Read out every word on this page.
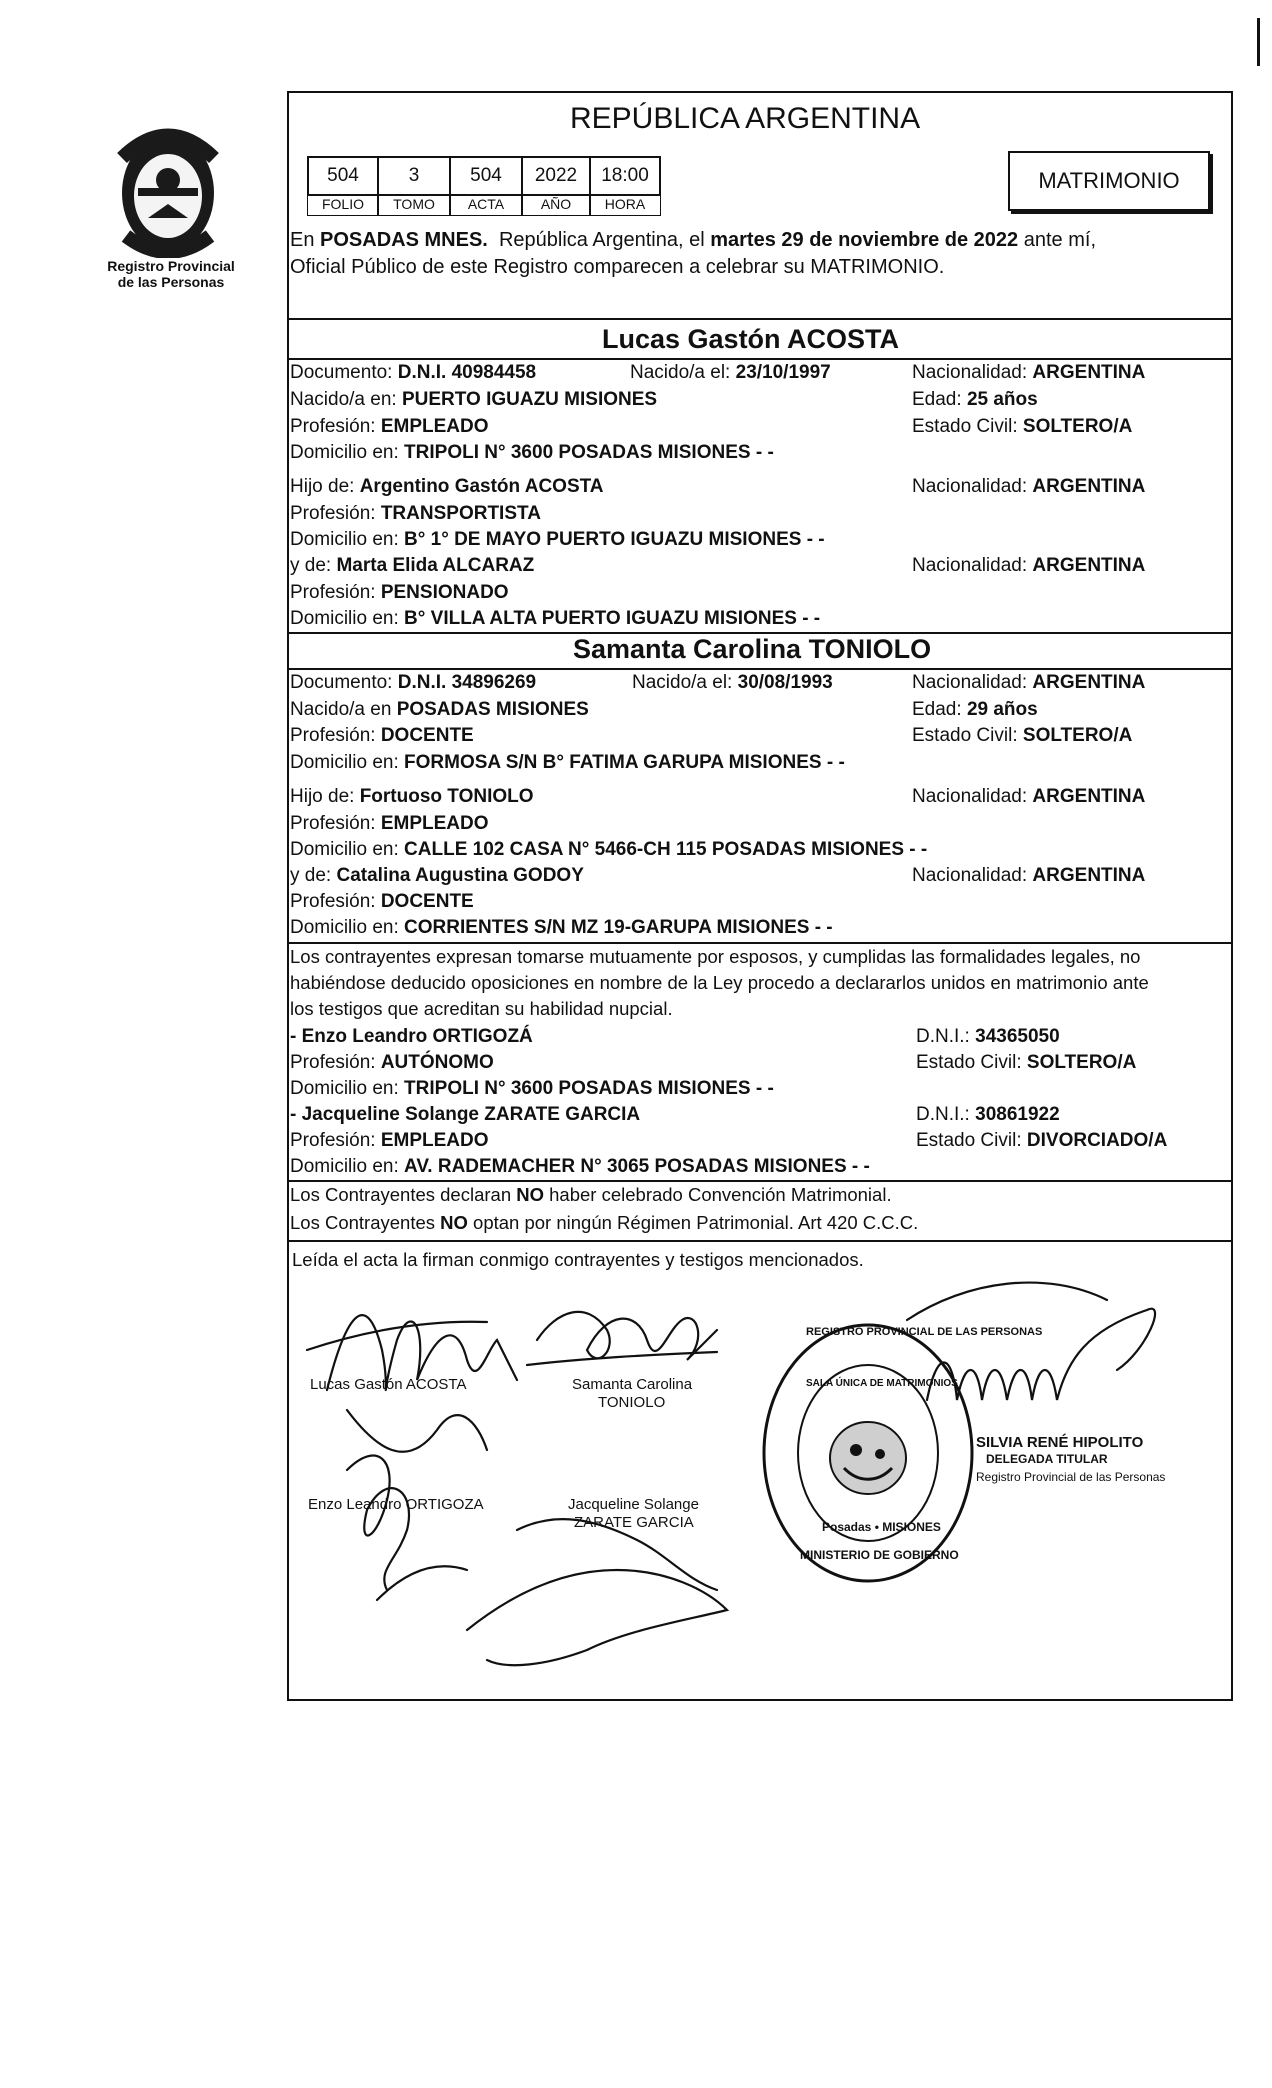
Registro Provincial
de las Personas
REPÚBLICA ARGENTINA
504	3	504	2022	18:00
FOLIO	TOMO	ACTA	AÑO	HORA
MATRIMONIO
En POSADAS MNES. República Argentina, el martes 29 de noviembre de 2022 ante mí,
Oficial Público de este Registro comparecen a celebrar su MATRIMONIO.
Lucas Gastón ACOSTA
Documento: D.N.I. 40984458	Nacido/a el: 23/10/1997	Nacionalidad: ARGENTINA
Nacido/a en: PUERTO IGUAZU MISIONES	Edad: 25 años
Profesión: EMPLEADO	Estado Civil: SOLTERO/A
Domicilio en: TRIPOLI N° 3600 POSADAS MISIONES - -
Hijo de: Argentino Gastón ACOSTA	Nacionalidad: ARGENTINA
Profesión: TRANSPORTISTA
Domicilio en: B° 1° DE MAYO PUERTO IGUAZU MISIONES - -
y de: Marta Elida ALCARAZ	Nacionalidad: ARGENTINA
Profesión: PENSIONADO
Domicilio en: B° VILLA ALTA PUERTO IGUAZU MISIONES - -
Samanta Carolina TONIOLO
Documento: D.N.I. 34896269	Nacido/a el: 30/08/1993	Nacionalidad: ARGENTINA
Nacido/a en POSADAS MISIONES	Edad: 29 años
Profesión: DOCENTE	Estado Civil: SOLTERO/A
Domicilio en: FORMOSA S/N B° FATIMA GARUPA MISIONES - -
Hijo de: Fortuoso TONIOLO	Nacionalidad: ARGENTINA
Profesión: EMPLEADO
Domicilio en: CALLE 102 CASA N° 5466-CH 115 POSADAS MISIONES - -
y de: Catalina Augustina GODOY	Nacionalidad: ARGENTINA
Profesión: DOCENTE
Domicilio en: CORRIENTES S/N MZ 19-GARUPA MISIONES - -
Los contrayentes expresan tomarse mutuamente por esposos, y cumplidas las formalidades legales, no
habiéndose deducido oposiciones en nombre de la Ley procedo a declararlos unidos en matrimonio ante
los testigos que acreditan su habilidad nupcial.
- Enzo Leandro ORTIGOZÁ	D.N.I.: 34365050
Profesión: AUTÓNOMO	Estado Civil: SOLTERO/A
Domicilio en: TRIPOLI N° 3600 POSADAS MISIONES - -
- Jacqueline Solange ZARATE GARCIA	D.N.I.: 30861922
Profesión: EMPLEADO	Estado Civil: DIVORCIADO/A
Domicilio en: AV. RADEMACHER N° 3065 POSADAS MISIONES - -
Los Contrayentes declaran NO haber celebrado Convención Matrimonial.
Los Contrayentes NO optan por ningún Régimen Patrimonial. Art 420 C.C.C.
Leída el acta la firman conmigo contrayentes y testigos mencionados.
Lucas Gastón ACOSTA	Samanta Carolina
TONIOLO
Enzo Leandro ORTIGOZA	Jacqueline Solange
ZARATE GARCIA
REGISTRO PROVINCIAL DE LAS PERSONAS
SALA ÚNICA DE MATRIMONIOS
Posadas • MISIONES
MINISTERIO DE GOBIERNO
SILVIA RENÉ HIPOLITO
DELEGADA TITULAR
Registro Provincial de las Personas
